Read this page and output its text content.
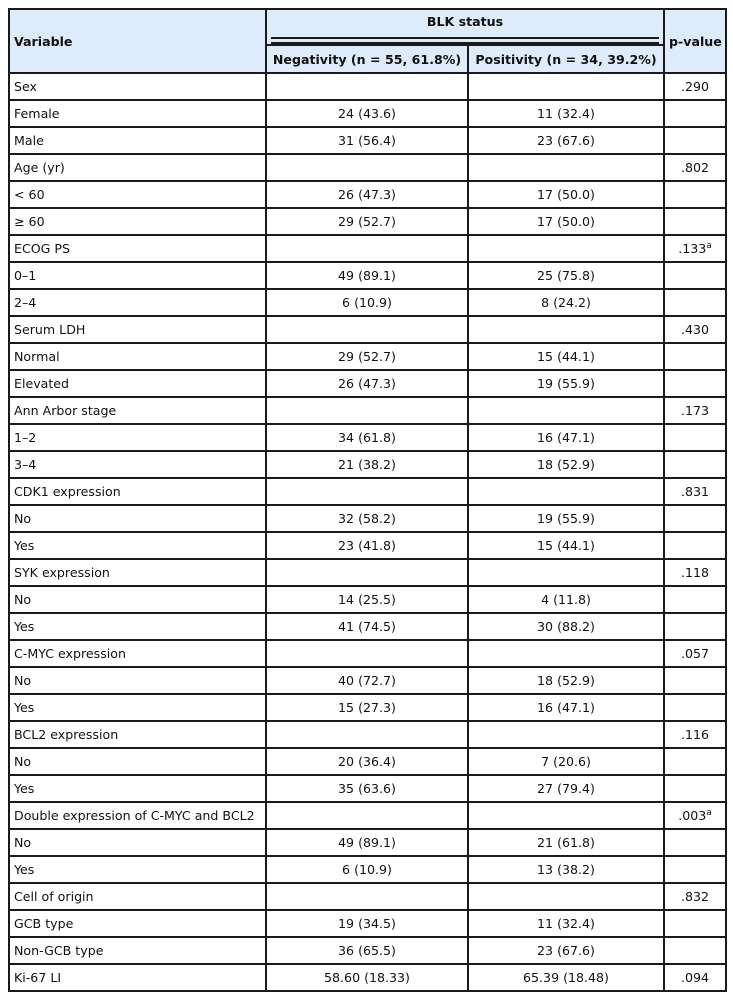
Variable	BLK status		p-value
	Negativity (n = 55, 61.8%)	Positivity (n = 34, 39.2%)	
Sex			.290
Female	24 (43.6)	11 (32.4)	
Male	31 (56.4)	23 (67.6)	
Age (yr)			.802
< 60	26 (47.3)	17 (50.0)	
≥ 60	29 (52.7)	17 (50.0)	
ECOG PS			.133$^a$
0–1	49 (89.1)	25 (75.8)	
2–4	6 (10.9)	8 (24.2)	
Serum LDH			.430
Normal	29 (52.7)	15 (44.1)	
Elevated	26 (47.3)	19 (55.9)	
Ann Arbor stage			.173
1–2	34 (61.8)	16 (47.1)	
3–4	21 (38.2)	18 (52.9)	
CDK1 expression			.831
No	32 (58.2)	19 (55.9)	
Yes	23 (41.8)	15 (44.1)	
SYK expression			.118
No	14 (25.5)	4 (11.8)	
Yes	41 (74.5)	30 (88.2)	
C-MYC expression			.057
No	40 (72.7)	18 (52.9)	
Yes	15 (27.3)	16 (47.1)	
BCL2 expression			.116
No	20 (36.4)	7 (20.6)	
Yes	35 (63.6)	27 (79.4)	
Double expression of C-MYC and BCL2			.003$^a$
No	49 (89.1)	21 (61.8)	
Yes	6 (10.9)	13 (38.2)	
Cell of origin			.832
GCB type	19 (34.5)	11 (32.4)	
Non-GCB type	36 (65.5)	23 (67.6)	
Ki-67 LI	58.60 (18.33)	65.39 (18.48)	.094
